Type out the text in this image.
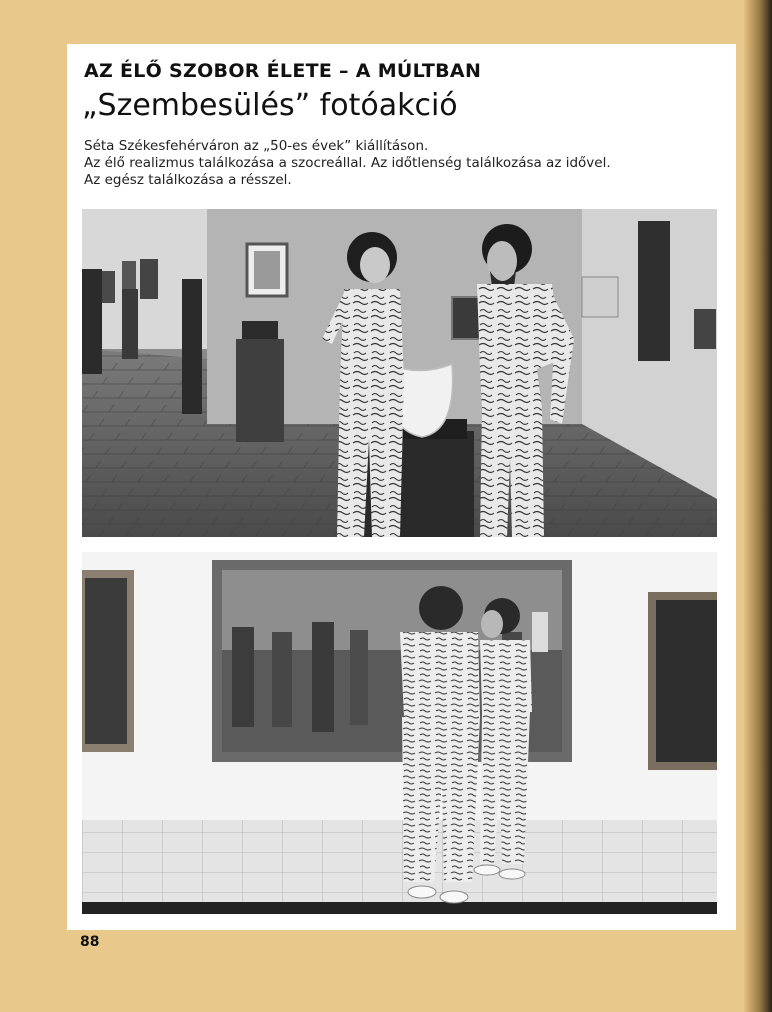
AZ ÉLŐ SZOBOR ÉLETE – A MÚLTBAN
„Szembesülés” fotóakció
Séta Székesfehérváron az „50-es évek” kiállításon.
Az élő realizmus találkozása a szocreállal. Az időtlenség találkozása az idővel.
Az egész találkozása a résszel.
88
